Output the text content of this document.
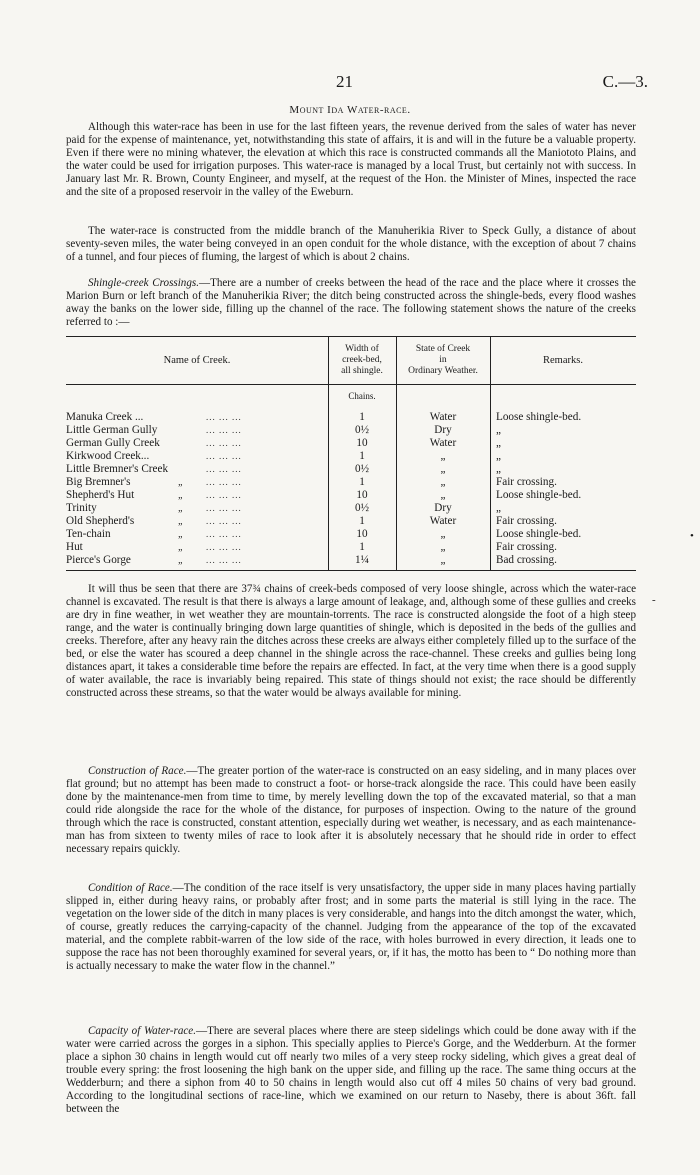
21	C.—3.
Mount Ida Water-race.

Although this water-race has been in use for the last fifteen years, the revenue derived from the sales of water has never paid for the expense of maintenance, yet, notwithstanding this state of affairs, it is and will in the future be a valuable property. Even if there were no mining whatever, the elevation at which this race is constructed commands all the Maniototo Plains, and the water could be used for irrigation purposes. This water-race is managed by a local Trust, but certainly not with success. In January last Mr. R. Brown, County Engineer, and myself, at the request of the Hon. the Minister of Mines, inspected the race and the site of a proposed reservoir in the valley of the Eweburn.

The water-race is constructed from the middle branch of the Manuherikia River to Speck Gully, a distance of about seventy-seven miles, the water being conveyed in an open conduit for the whole distance, with the exception of about 7 chains of a tunnel, and four pieces of fluming, the largest of which is about 2 chains.

Shingle-creek Crossings.—There are a number of creeks between the head of the race and the place where it crosses the Marion Burn or left branch of the Manuherikia River; the ditch being constructed across the shingle-beds, every flood washes away the banks on the lower side, filling up the channel of the race. The following statement shows the nature of the creeks referred to :—

Name of Creek.
Width of
creek-bed,
all shingle.
State of Creek
in
Ordinary Weather.
Remarks.
Chains.
Manuka Creek ...	... ... ...	1	Water	Loose shingle-bed.
Little German Gully	... ... ...	0½	Dry	„
German Gully Creek	... ... ...	10	Water	„
Kirkwood Creek...	... ... ...	1	„	„
Little Bremner's Creek	... ... ...	0½	„	„
Big Bremner's	„ ... ... ...	1	„	Fair crossing.
Shepherd's Hut	„ ... ... ...	10	„	Loose shingle-bed.
Trinity	„ ... ... ...	0½	Dry	„
Old Shepherd's	„ ... ... ...	1	Water	Fair crossing.
Ten-chain	„ ... ... ...	10	„	Loose shingle-bed.
Hut	„ ... ... ...	1	„	Fair crossing.
Pierce's Gorge	„ ... ... ...	1¼	„	Bad crossing.

It will thus be seen that there are 37¾ chains of creek-beds composed of very loose shingle, across which the water-race channel is excavated. The result is that there is always a large amount of leakage, and, although some of these gullies and creeks are dry in fine weather, in wet weather they are mountain-torrents. The race is constructed alongside the foot of a high steep range, and the water is continually bringing down large quantities of shingle, which is deposited in the beds of the gullies and creeks. Therefore, after any heavy rain the ditches across these creeks are always either completely filled up to the surface of the bed, or else the water has scoured a deep channel in the shingle across the race-channel. These creeks and gullies being long distances apart, it takes a considerable time before the repairs are effected. In fact, at the very time when there is a good supply of water available, the race is invariably being repaired. This state of things should not exist; the race should be differently constructed across these streams, so that the water would be always available for mining.

Construction of Race.—The greater portion of the water-race is constructed on an easy sideling, and in many places over flat ground; but no attempt has been made to construct a foot- or horse-track alongside the race. This could have been easily done by the maintenance-men from time to time, by merely levelling down the top of the excavated material, so that a man could ride alongside the race for the whole of the distance, for purposes of inspection. Owing to the nature of the ground through which the race is constructed, constant attention, especially during wet weather, is necessary, and as each maintenance-man has from sixteen to twenty miles of race to look after it is absolutely necessary that he should ride in order to effect necessary repairs quickly.

Condition of Race.—The condition of the race itself is very unsatisfactory, the upper side in many places having partially slipped in, either during heavy rains, or probably after frost; and in some parts the material is still lying in the race. The vegetation on the lower side of the ditch in many places is very considerable, and hangs into the ditch amongst the water, which, of course, greatly reduces the carrying-capacity of the channel. Judging from the appearance of the top of the excavated material, and the complete rabbit-warren of the low side of the race, with holes burrowed in every direction, it leads one to suppose the race has not been thoroughly examined for several years, or, if it has, the motto has been to “ Do nothing more than is actually necessary to make the water flow in the channel.”

Capacity of Water-race.—There are several places where there are steep sidelings which could be done away with if the water were carried across the gorges in a siphon. This specially applies to Pierce's Gorge, and the Wedderburn. At the former place a siphon 30 chains in length would cut off nearly two miles of a very steep rocky sideling, which gives a great deal of trouble every spring: the frost loosening the high bank on the upper side, and filling up the race. The same thing occurs at the Wedderburn; and there a siphon from 40 to 50 chains in length would also cut off 4 miles 50 chains of very bad ground. According to the longitudinal sections of race-line, which we examined on our return to Naseby, there is about 36ft. fall between the

•
‐
